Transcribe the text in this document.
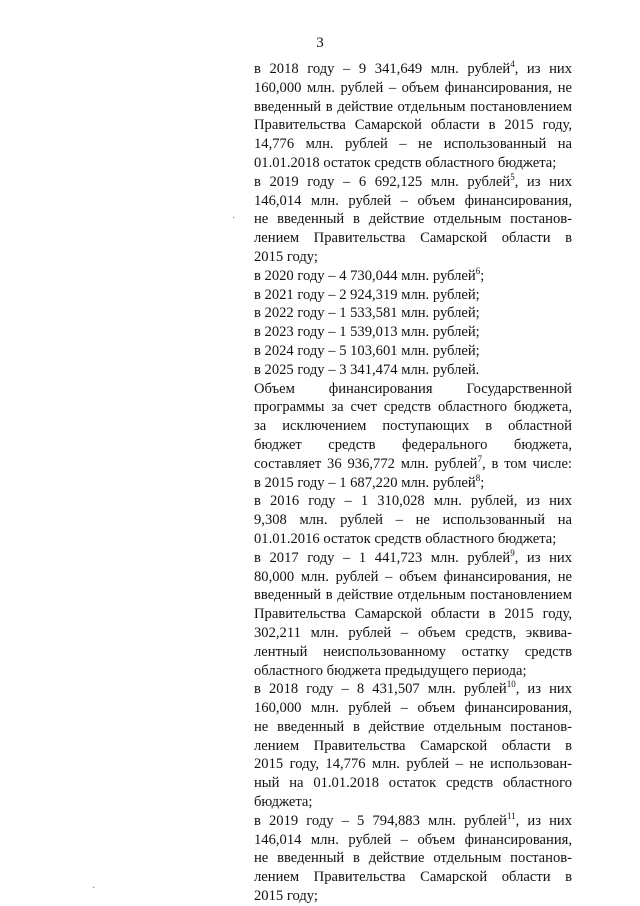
3
·
·
в 2018 году – 9 341,649 млн. рублей$^4$, из них
160,000 млн. рублей – объем финансирования, не
введенный в действие отдельным постановлением
Правительства Самарской области в 2015 году,
14,776 млн. рублей – не использованный на
01.01.2018 остаток средств областного бюджета;
в 2019 году – 6 692,125 млн. рублей$^5$, из них
146,014 млн. рублей – объем финансирования,
не введенный в действие отдельным постанов-
лением Правительства Самарской области в
2015 году;
в 2020 году – 4 730,044 млн. рублей$^6$;
в 2021 году – 2 924,319 млн. рублей;
в 2022 году – 1 533,581 млн. рублей;
в 2023 году – 1 539,013 млн. рублей;
в 2024 году – 5 103,601 млн. рублей;
в 2025 году – 3 341,474 млн. рублей.
Объем финансирования Государственной
программы за счет средств областного бюджета,
за исключением поступающих в областной
бюджет средств федерального бюджета,
составляет 36 936,772 млн. рублей$^7$, в том числе:
в 2015 году – 1 687,220 млн. рублей$^8$;
в 2016 году – 1 310,028 млн. рублей, из них
9,308 млн. рублей – не использованный на
01.01.2016 остаток средств областного бюджета;
в 2017 году – 1 441,723 млн. рублей$^9$, из них
80,000 млн. рублей – объем финансирования, не
введенный в действие отдельным постановлением
Правительства Самарской области в 2015 году,
302,211 млн. рублей – объем средств, эквива-
лентный неиспользованному остатку средств
областного бюджета предыдущего периода;
в 2018 году – 8 431,507 млн. рублей$^{10}$, из них
160,000 млн. рублей – объем финансирования,
не введенный в действие отдельным постанов-
лением Правительства Самарской области в
2015 году, 14,776 млн. рублей – не использован-
ный на 01.01.2018 остаток средств областного
бюджета;
в 2019 году – 5 794,883 млн. рублей$^{11}$, из них
146,014 млн. рублей – объем финансирования,
не введенный в действие отдельным постанов-
лением Правительства Самарской области в
2015 году;
